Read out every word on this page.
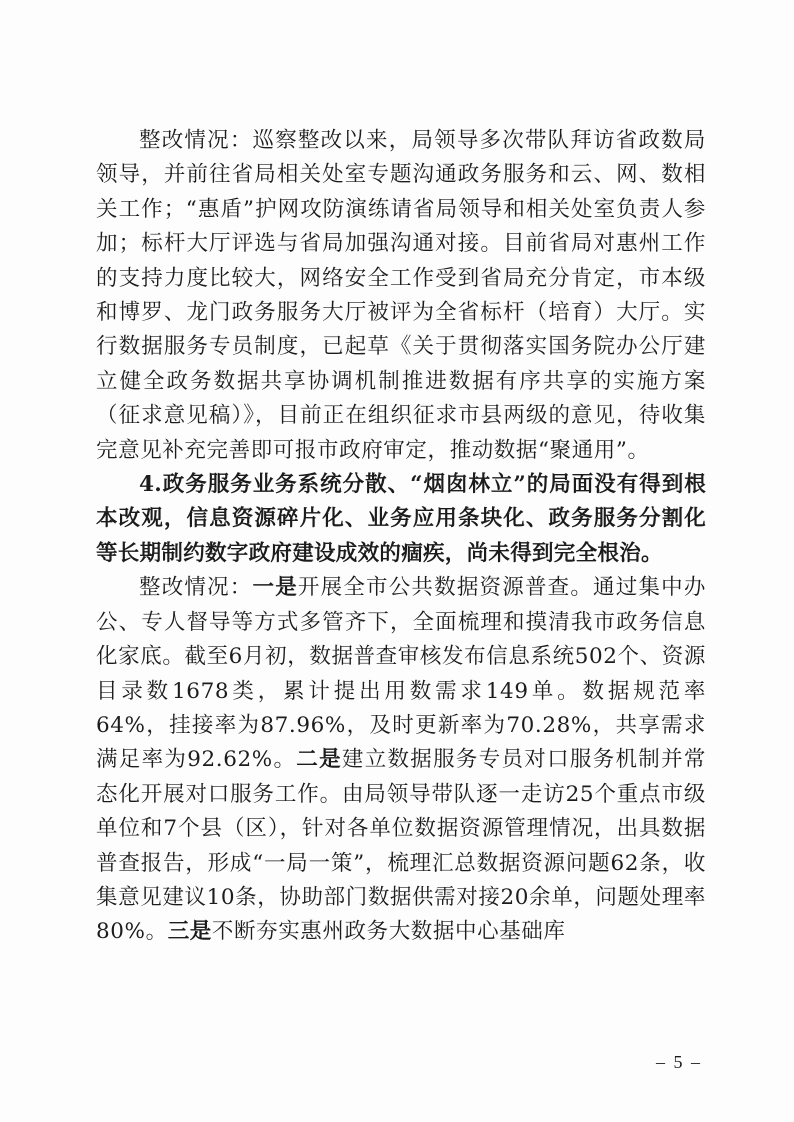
整改情况：巡察整改以来，局领导多次带队拜访省政数局领导，并前往省局相关处室专题沟通政务服务和云、网、数相关工作；“惠盾”护网攻防演练请省局领导和相关处室负责人参加；标杆大厅评选与省局加强沟通对接。目前省局对惠州工作的支持力度比较大，网络安全工作受到省局充分肯定，市本级和博罗、龙门政务服务大厅被评为全省标杆（培育）大厅。实行数据服务专员制度，已起草《关于贯彻落实国务院办公厅建立健全政务数据共享协调机制推进数据有序共享的实施方案（征求意见稿）》，目前正在组织征求市县两级的意见，待收集完意见补充完善即可报市政府审定，推动数据“聚通用”。

4.政务服务业务系统分散、“烟囱林立”的局面没有得到根本改观，信息资源碎片化、业务应用条块化、政务服务分割化等长期制约数字政府建设成效的痼疾，尚未得到完全根治。

整改情况：一是开展全市公共数据资源普查。通过集中办公、专人督导等方式多管齐下，全面梳理和摸清我市政务信息化家底。截至6月初，数据普查审核发布信息系统502个、资源目录数1678类，累计提出用数需求149单。数据规范率64%，挂接率为87.96%，及时更新率为70.28%，共享需求满足率为92.62%。二是建立数据服务专员对口服务机制并常态化开展对口服务工作。由局领导带队逐一走访25个重点市级单位和7个县（区），针对各单位数据资源管理情况，出具数据普查报告，形成“一局一策”，梳理汇总数据资源问题62条，收集意见建议10条，协助部门数据供需对接20余单，问题处理率80%。三是不断夯实惠州政务大数据中心基础库

– 5 –
